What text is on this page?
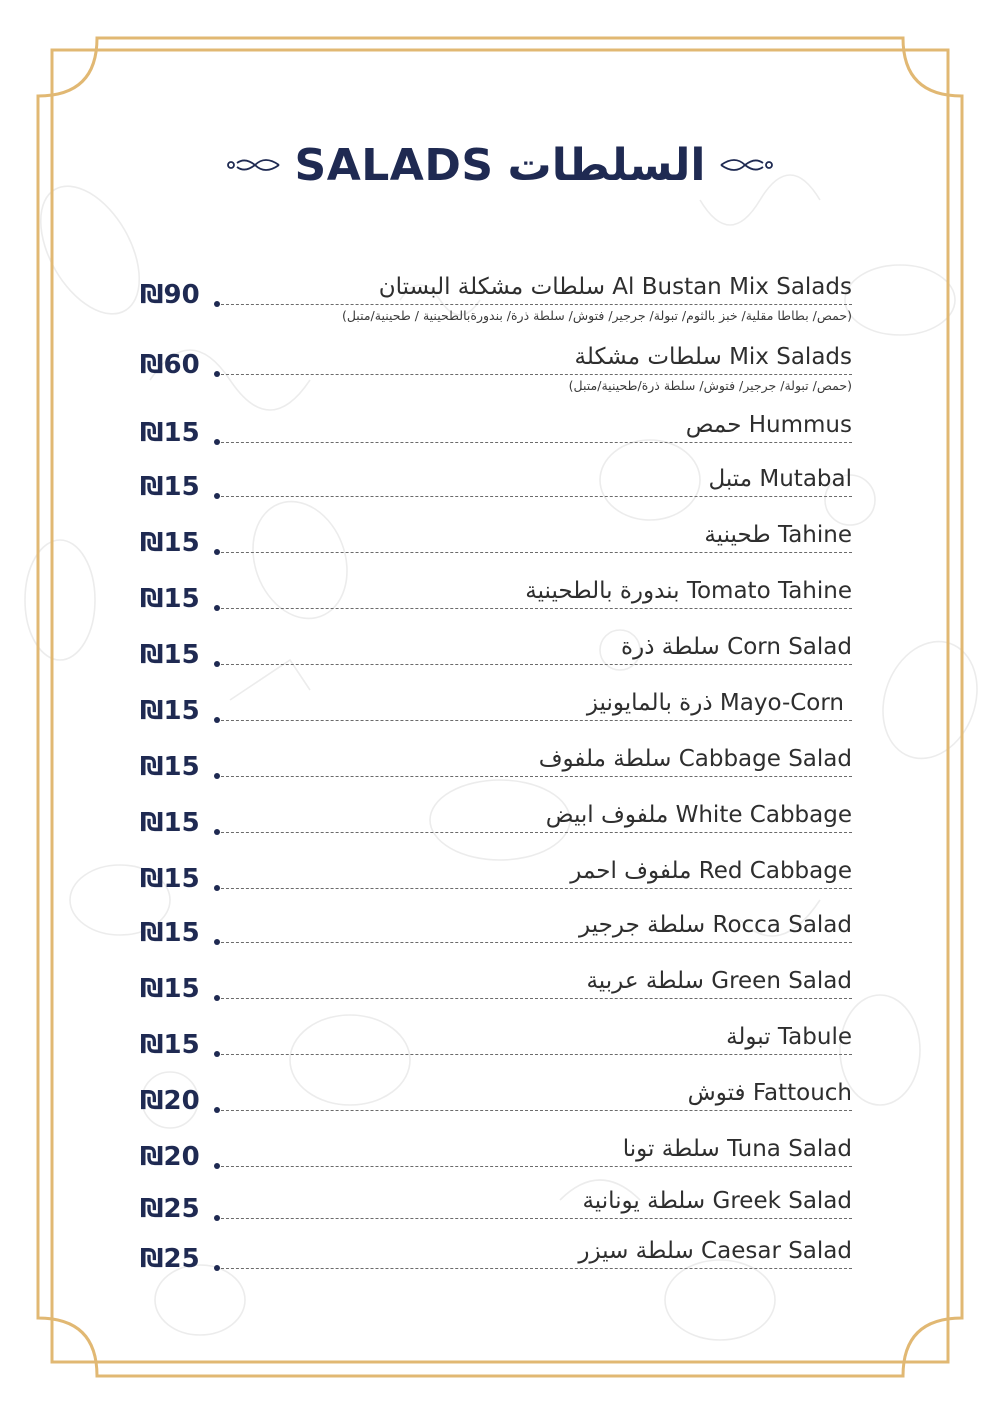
SALADS السلطات
سلطات مشكلة البستان Al Bustan Mix Salads
(حمص/ بطاطا مقلية/ خبز بالثوم/ تبولة/ جرجير/ فتوش/ سلطة ذرة/ بندورةبالطحينية / طحينية/متبل)
₪90
سلطات مشكلة Mix Salads
(حمص/ تبولة/ جرجير/ فتوش/ سلطة ذرة/طحينية/متبل)
₪60
حمص Hummus
₪15
متبل Mutabal
₪15
طحينية Tahine
₪15
بندورة بالطحينية Tomato Tahine
₪15
سلطة ذرة Corn Salad
₪15
ذرة بالمايونيز Mayo-Corn
₪15
سلطة ملفوف Cabbage Salad
₪15
ملفوف ابيض White Cabbage
₪15
ملفوف احمر Red Cabbage
₪15
سلطة جرجير Rocca Salad
₪15
سلطة عربية Green Salad
₪15
تبولة Tabule
₪15
فتوش Fattouch
₪20
سلطة تونا Tuna Salad
₪20
سلطة يونانية Greek Salad
₪25
سلطة سيزر Caesar Salad
₪25
